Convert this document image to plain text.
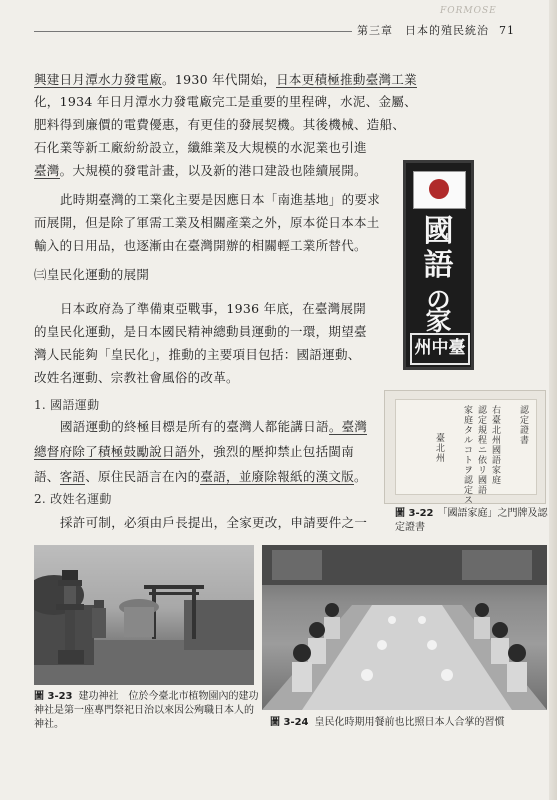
FORMOSE
第三章　日本的殖民統治 71
興建日月潭水力發電廠。1930 年代開始，日本更積極推動臺灣工業
化，1934 年日月潭水力發電廠完工是重要的里程碑，水泥、金屬、
肥料得到廉價的電費優惠，有更佳的發展契機。其後機械、造船、
石化業等新工廠紛紛設立，纖維業及大規模的水泥業也引進
臺灣。大規模的發電計畫，以及新的港口建設也陸續展開。
此時期臺灣的工業化主要是因應日本「南進基地」的要求
而展開，但是除了軍需工業及相關產業之外，原本從日本本土
輸入的日用品，也逐漸由在臺灣開辦的相關輕工業所替代。
㈢皇民化運動的展開
日本政府為了準備東亞戰事，1936 年底，在臺灣展開
的皇民化運動，是日本國民精神總動員運動的一環，期望臺
灣人民能夠「皇民化」，推動的主要項目包括：國語運動、
改姓名運動、宗教社會風俗的改革。
1. 國語運動
國語運動的終極目標是所有的臺灣人都能講日語。臺灣
總督府除了積極鼓勵說日語外，強烈的壓抑禁止包括閩南
語、客語、原住民語言在內的臺語，並廢除報紙的漢文版。
2. 改姓名運動
採許可制，必須由戶長提出，全家更改，申請要件之一
國
語
の
家
州中臺
認定證書
右臺北州國語家庭
認定規程ニ依リ國語
家庭タルコトヲ認定ス
臺北州
圖 3-22 「國語家庭」之門牌及認定證書
圖 3-23 建功神社　位於今臺北市植物園內的建功神社是第一座專門祭祀日治以來因公殉職日本人的神社。	圖 3-24 皇民化時期用餐前也比照日本人合掌的習慣
